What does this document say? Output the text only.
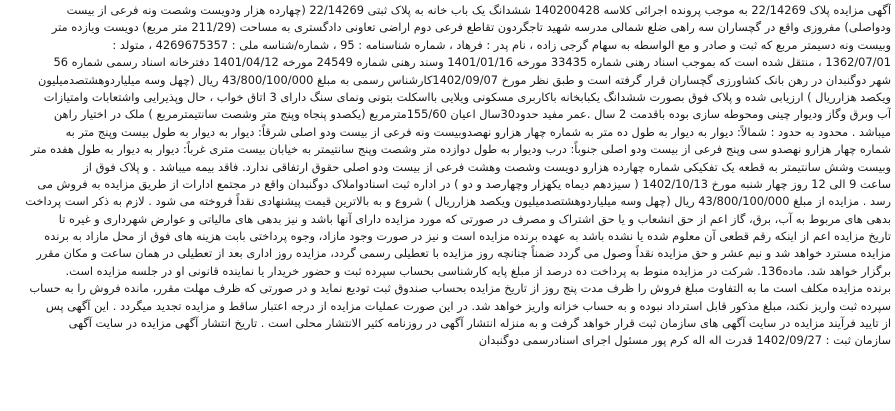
آگهی مزایده پلاک 22/14269 به موجب پرونده اجرائی کلاسه 140200428 ششدانگ یک باب خانه به پلاک ثبتی 22/14269 (چهارده هزار ودویست وشصت ونه فرعی از بیست
ودواصلی) مفروزی واقع در گچساران سه راهی ضلع شمالی مدرسه شهید تاجگردون تقاطع فرعی دوم اراضی تعاونی دادگستری به مساحت (211/29 متر مربع) دویست ویازده متر
وبیست ونه دسیمتر مربع که ثبت و صادر و مع الواسطه به سهام گرجی زاده ، نام پدر : فرهاد ، شماره شناسنامه : 95 ، شماره/شناسه ملی : 4269675357 ، متولد :
1362/07/01 ، منتقل شده است که بموجب اسناد رهنی شماره 33435 مورخه 1401/01/16 وسند رهنی شماره 24549 مورخه 1401/04/12 دفترخانه اسناد رسمی شماره 56
شهر دوگنبدان در رهن بانک کشاورزی گچساران قرار گرفته است و طبق نظر مورخ 1402/09/07کارشناس رسمی به مبلغ 43/800/100/000 ریال (چهل وسه میلیاردوهشتصدمیلیون
ویکصد هزارریال ) ارزیابی شده و پلاک فوق بصورت ششدانگ یکبابخانه باکاربری مسکونی ویلایی بااسکلت بتونی ونمای سنگ دارای 3 اتاق خواب ، حال وپذیرایی واشتعابات وامتیازات
آب وبرق وگاز ودیوار چینی ومحوطه سازی بوده باقدمت 2 سال .عمر مفید حدود30سال اعیان 155/60مترمربع (یکصدو پنجاه وپنج متر وشصت سانتیمترمربع ) ملک در اختیار راهن
میباشد . محدود به حدود : شمالاً: دیوار به دیوار به طول ده متر به شماره چهار هزارو نهصدوبیست ونه فرعی از بیست ودو اصلی شرقاً: دیوار به دیوار به طول بیست وپنج متر به
شماره چهار هزارو نهصدو سی وپنج فرعی از بیست ودو اصلی جنوباً: درب ودیوار به طول دوازده متر وشصت وپنج سانتیمتر به خیابان بیست متری غرباً: دیوار به دیوار به طول هفده متر
وبیست وشش سانتیمتر به قطعه یک تفکیکی شماره چهارده هزارو دویست وشصت وهشت فرعی از بیست ودو اصلی حقوق ارتفاقی ندارد. فاقد بیمه میباشد . و پلاک فوق از
ساعت 9 الی 12 روز چهار شنبه مورخ 1402/10/13 ( سیزدهم دیماه یکهزار وچهارصد و دو ) در اداره ثبت اسنادواملاک دوگنبدان واقع در مجتمع ادارات از طریق مزایده به فروش می
رسد . مزایده از مبلغ 43/800/100/000 ریال (چهل وسه میلیاردوهشتصدمیلیون ویکصد هزارریال ) شروع و به بالاترین قیمت پیشنهادی نقداً فروخته می شود . لازم به ذکر است پرداخت
بدهی های مربوط به آب، برق، گاز اعم از حق انشعاب و یا حق اشتراک و مصرف در صورتی که مورد مزایده دارای آنها باشد و نیز بدهی های مالیاتی و عوارض شهرداری و غیره تا
تاریخ مزایده اعم از اینکه رقم قطعی آن معلوم شده یا نشده باشد به عهده برنده مزایده است و نیز در صورت وجود مازاد، وجوه پرداختی بابت هزینه های فوق از محل مازاد به برنده
مزایده مسترد خواهد شد و نیم عشر و حق مزایده نقداً وصول می گردد ضمناً چنانچه روز مزایده با تعطیلی رسمی گردد، مزایده روز اداری بعد از تعطیلی در همان ساعت و مکان مقرر
برگزار خواهد شد. ماده136. شرکت در مزایده منوط به پرداخت ده درصد از مبلغ پایه کارشناسی بحساب سپرده ثبت و حضور خریدار یا نماینده قانونی او در جلسه مزایده است.
برنده مزایده مکلف است ما به التفاوت مبلغ فروش را ظرف مدت پنج روز از تاریخ مزایده بحساب صندوق ثبت تودیع نماید و در صورتی که ظرف مهلت مقرر، مانده فروش را به حساب
سپرده ثبت واریز نکند، مبلغ مذکور قابل استرداد نبوده و به حساب خزانه واریز خواهد شد. در این صورت عملیات مزایده از درجه اعتبار ساقط و مزایده تجدید میگردد . این آگهی پس
از تایید فرآیند مزایده در سایت آگهی های سازمان ثبت قرار خواهد گرفت و به منزله انتشار آگهی در روزنامه کثیر الانتشار محلی است . تاریخ انتشار آگهی مزایده در سایت آگهی
سازمان ثبت : 1402/09/27 قدرت اله اله کرم پور مسئول اجرای اسنادرسمی دوگنبدان
